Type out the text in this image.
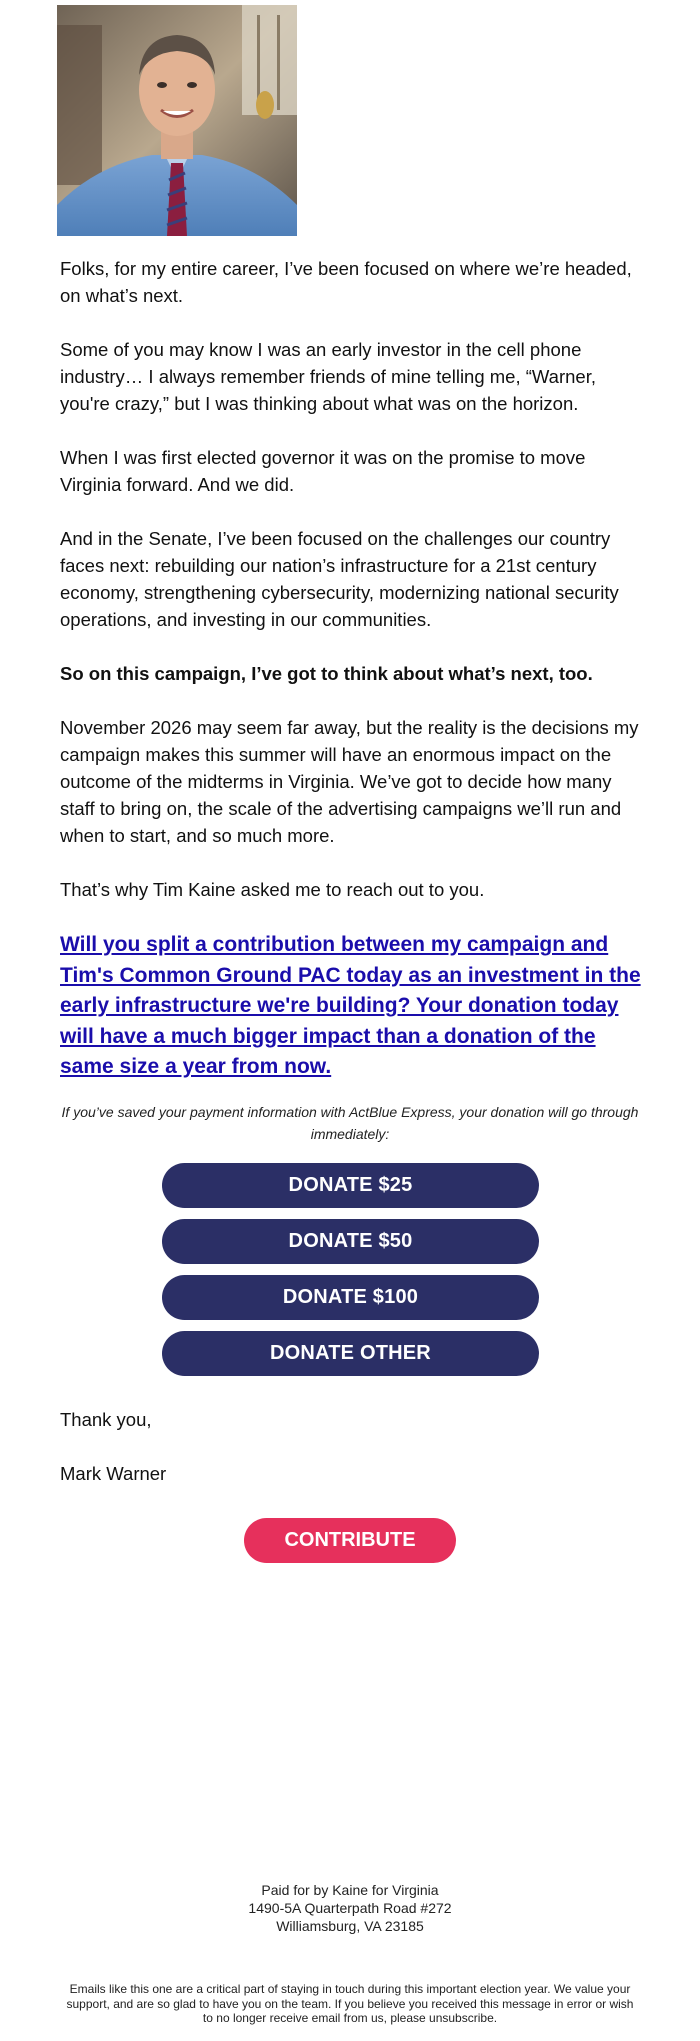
Folks, for my entire career, I’ve been focused on where we’re headed, on what’s next.

Some of you may know I was an early investor in the cell phone industry… I always remember friends of mine telling me, “Warner, you're crazy,” but I was thinking about what was on the horizon.

When I was first elected governor it was on the promise to move Virginia forward. And we did.

And in the Senate, I’ve been focused on the challenges our country faces next: rebuilding our nation’s infrastructure for a 21st century economy, strengthening cybersecurity, modernizing national security operations, and investing in our communities.

So on this campaign, I’ve got to think about what’s next, too.

November 2026 may seem far away, but the reality is the decisions my campaign makes this summer will have an enormous impact on the outcome of the midterms in Virginia. We’ve got to decide how many staff to bring on, the scale of the advertising campaigns we’ll run and when to start, and so much more.

That’s why Tim Kaine asked me to reach out to you.

Will you split a contribution between my campaign and Tim's Common Ground PAC today as an investment in the early infrastructure we're building? Your donation today will have a much bigger impact than a donation of the same size a year from now.

If you’ve saved your payment information with ActBlue Express, your donation will go through immediately:

DONATE $25
DONATE $50
DONATE $100
DONATE OTHER

Thank you,

Mark Warner

CONTRIBUTE
Paid for by Kaine for Virginia
1490-5A Quarterpath Road #272
Williamsburg, VA 23185
Emails like this one are a critical part of staying in touch during this important election year. We value your support, and are so glad to have you on the team. If you believe you received this message in error or wish to no longer receive email from us, please unsubscribe.
